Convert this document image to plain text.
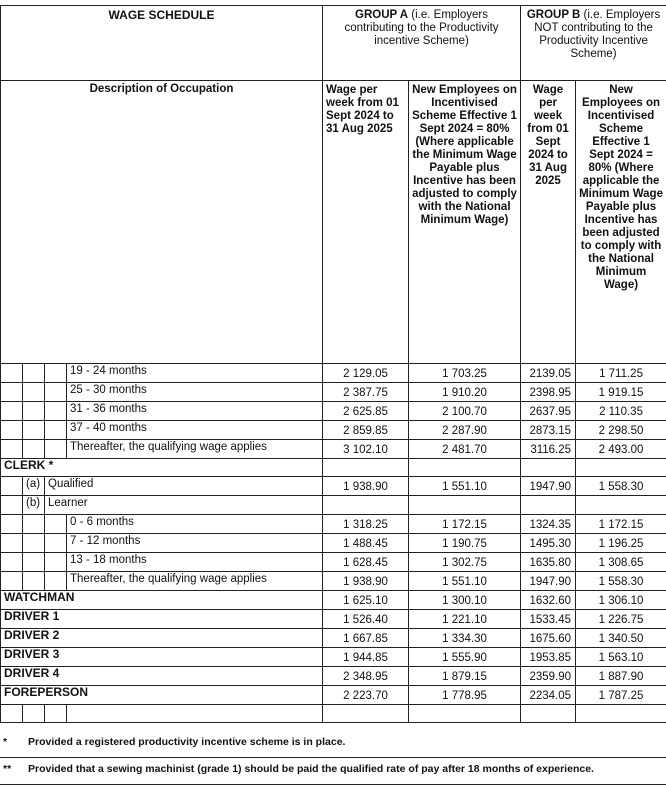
WAGE SCHEDULE				GROUP A (i.e. Employers contributing to the Productivity incentive Scheme)		GROUP B (i.e. Employers NOT contributing to the Productivity Incentive Scheme)	
Description of Occupation				Wage per week from 01 Sept 2024 to 31 Aug 2025	New Employees on Incentivised Scheme Effective 1 Sept 2024 = 80% (Where applicable the Minimum Wage Payable plus Incentive has been adjusted to comply with the National Minimum Wage)	Wage per week from 01 Sept 2024 to 31 Aug 2025	New Employees on Incentivised Scheme Effective 1 Sept 2024 = 80% (Where applicable the Minimum Wage Payable plus Incentive has been adjusted to comply with the National Minimum Wage)
			19 - 24 months	2 129.05	1 703.25	2139.05	1 711.25
			25 - 30 months	2 387.75	1 910.20	2398.95	1 919.15
			31 - 36 months	2 625.85	2 100.70	2637.95	2 110.35
			37 - 40 months	2 859.85	2 287.90	2873.15	2 298.50
			Thereafter, the qualifying wage applies	3 102.10	2 481.70	3116.25	2 493.00
CLERK *							
	(a)	Qualified		1 938.90	1 551.10	1947.90	1 558.30
	(b)	Learner					
			0 - 6 months	1 318.25	1 172.15	1324.35	1 172.15
			7 - 12 months	1 488.45	1 190.75	1495.30	1 196.25
			13 - 18 months	1 628.45	1 302.75	1635.80	1 308.65
			Thereafter, the qualifying wage applies	1 938.90	1 551.10	1947.90	1 558.30
WATCHMAN				1 625.10	1 300.10	1632.60	1 306.10
DRIVER 1				1 526.40	1 221.10	1533.45	1 226.75
DRIVER 2				1 667.85	1 334.30	1675.60	1 340.50
DRIVER 3				1 944.85	1 555.90	1953.85	1 563.10
DRIVER 4				2 348.95	1 879.15	2359.90	1 887.90
FOREPERSON				2 223.70	1 778.95	2234.05	1 787.25

* Provided a registered productivity incentive scheme is in place.
** Provided that a sewing machinist (grade 1) should be paid the qualified rate of pay after 18 months of experience.
